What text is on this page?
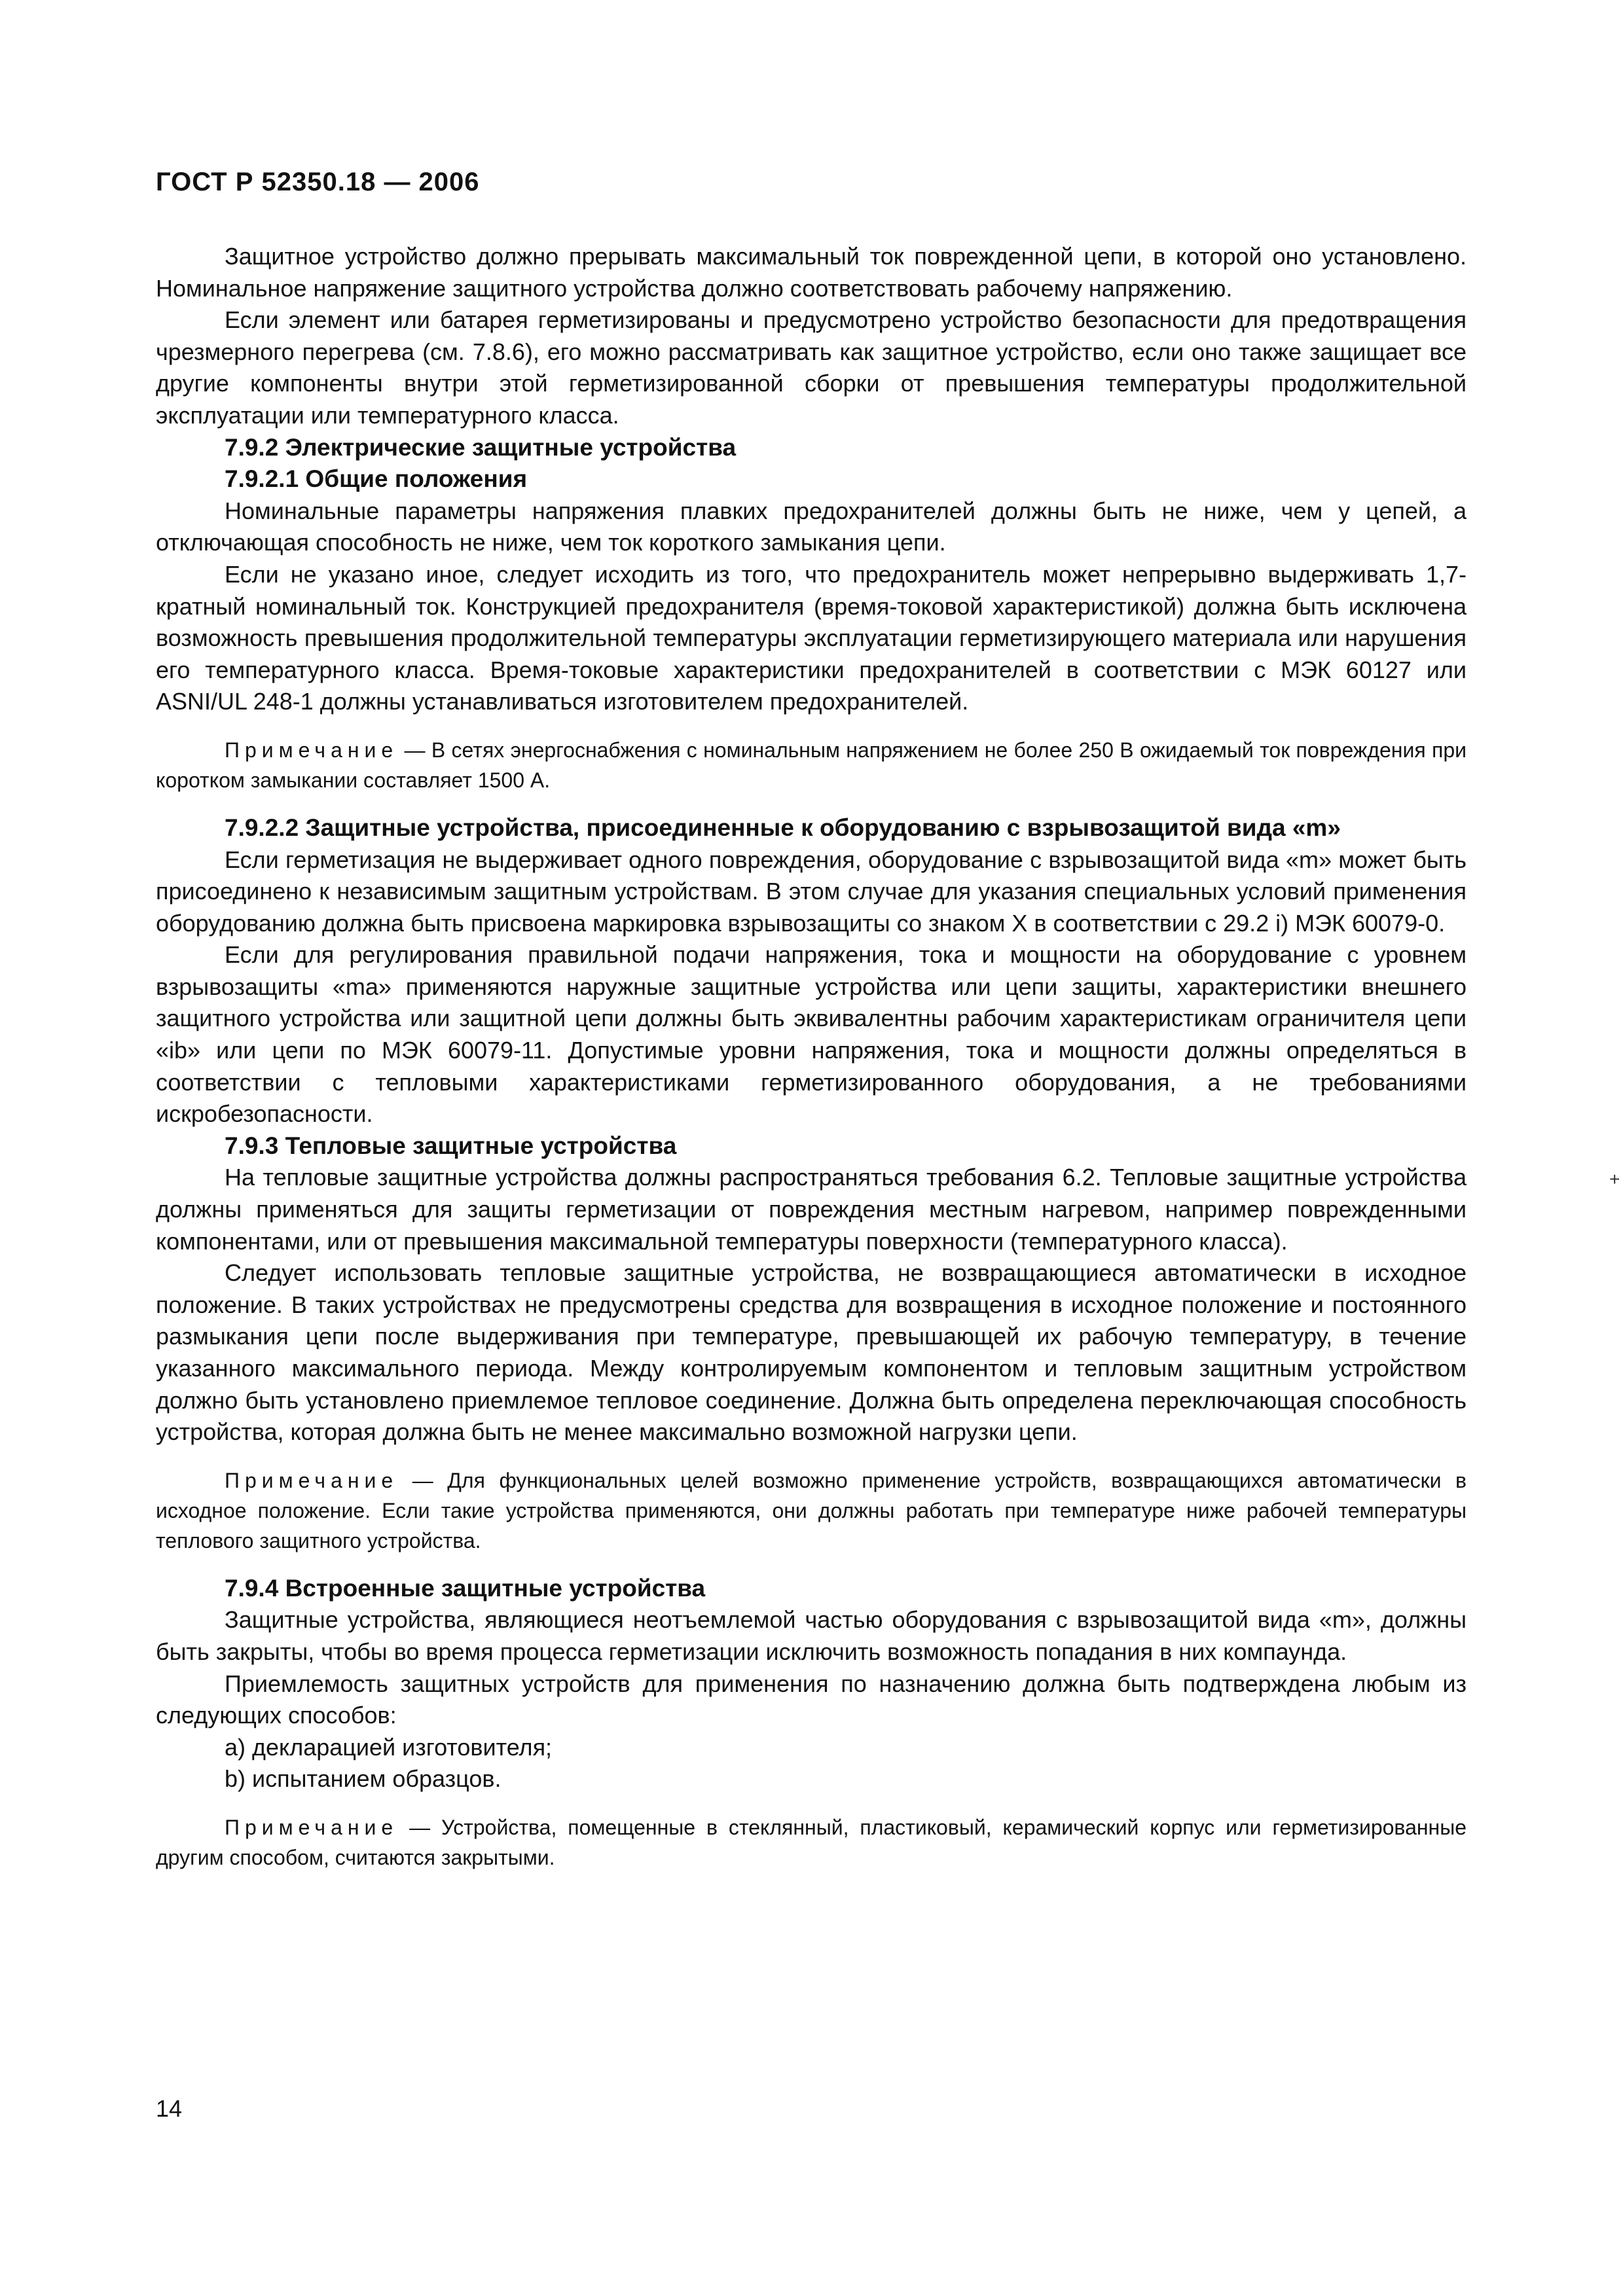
ГОСТ Р 52350.18 — 2006
Защитное устройство должно прерывать максимальный ток поврежденной цепи, в которой оно установлено. Номинальное напряжение защитного устройства должно соответствовать рабочему напряжению.
Если элемент или батарея герметизированы и предусмотрено устройство безопасности для предотвращения чрезмерного перегрева (см. 7.8.6), его можно рассматривать как защитное устройство, если оно также защищает все другие компоненты внутри этой герметизированной сборки от превышения температуры продолжительной эксплуатации или температурного класса.
7.9.2 Электрические защитные устройства
7.9.2.1 Общие положения
Номинальные параметры напряжения плавких предохранителей должны быть не ниже, чем у цепей, а отключающая способность не ниже, чем ток короткого замыкания цепи.
Если не указано иное, следует исходить из того, что предохранитель может непрерывно выдерживать 1,7-кратный номинальный ток. Конструкцией предохранителя (время-токовой характеристикой) должна быть исключена возможность превышения продолжительной температуры эксплуатации герметизирующего материала или нарушения его температурного класса. Время-токовые характеристики предохранителей в соответствии с МЭК 60127 или ASNI/UL 248-1 должны устанавливаться изготовителем предохранителей.
Примечание — В сетях энергоснабжения с номинальным напряжением не более 250 В ожидаемый ток повреждения при коротком замыкании составляет 1500 А.
7.9.2.2 Защитные устройства, присоединенные к оборудованию с взрывозащитой вида «m»
Если герметизация не выдерживает одного повреждения, оборудование с взрывозащитой вида «m» может быть присоединено к независимым защитным устройствам. В этом случае для указания специальных условий применения оборудованию должна быть присвоена маркировка взрывозащиты со знаком X в соответствии с 29.2 i) МЭК 60079-0.
Если для регулирования правильной подачи напряжения, тока и мощности на оборудование с уровнем взрывозащиты «ma» применяются наружные защитные устройства или цепи защиты, характеристики внешнего защитного устройства или защитной цепи должны быть эквивалентны рабочим характеристикам ограничителя цепи «ib» или цепи по МЭК 60079-11. Допустимые уровни напряжения, тока и мощности должны определяться в соответствии с тепловыми характеристиками герметизированного оборудования, а не требованиями искробезопасности.
7.9.3 Тепловые защитные устройства
На тепловые защитные устройства должны распространяться требования 6.2. Тепловые защитные устройства должны применяться для защиты герметизации от повреждения местным нагревом, например поврежденными компонентами, или от превышения максимальной температуры поверхности (температурного класса).
Следует использовать тепловые защитные устройства, не возвращающиеся автоматически в исходное положение. В таких устройствах не предусмотрены средства для возвращения в исходное положение и постоянного размыкания цепи после выдерживания при температуре, превышающей их рабочую температуру, в течение указанного максимального периода. Между контролируемым компонентом и тепловым защитным устройством должно быть установлено приемлемое тепловое соединение. Должна быть определена переключающая способность устройства, которая должна быть не менее максимально возможной нагрузки цепи.
Примечание — Для функциональных целей возможно применение устройств, возвращающихся автоматически в исходное положение. Если такие устройства применяются, они должны работать при температуре ниже рабочей температуры теплового защитного устройства.
7.9.4 Встроенные защитные устройства
Защитные устройства, являющиеся неотъемлемой частью оборудования с взрывозащитой вида «m», должны быть закрыты, чтобы во время процесса герметизации исключить возможность попадания в них компаунда.
Приемлемость защитных устройств для применения по назначению должна быть подтверждена любым из следующих способов:
a) декларацией изготовителя;
b) испытанием образцов.
Примечание — Устройства, помещенные в стеклянный, пластиковый, керамический корпус или герметизированные другим способом, считаются закрытыми.
14
+
